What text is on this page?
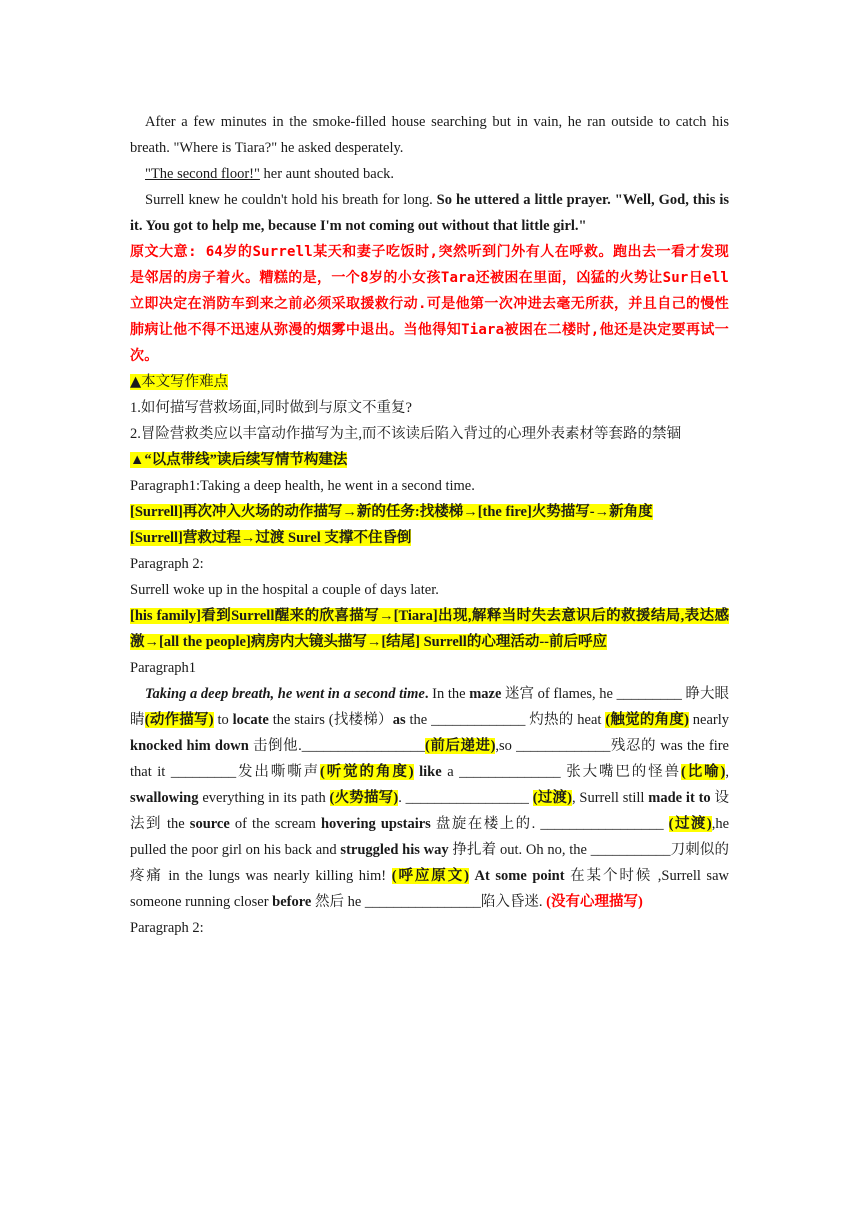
After a few minutes in the smoke-filled house searching but in vain, he ran outside to catch his breath. "Where is Tiara?" he asked desperately.

"The second floor!" her aunt shouted back.

Surrell knew he couldn't hold his breath for long. So he uttered a little prayer. "Well, God, this is it. You got to help me, because I'm not coming out without that little girl."

原文大意: 64岁的Surrell某天和妻子吃饭时,突然听到门外有人在呼救。跑出去一看才发现是邻居的房子着火。糟糕的是，一个8岁的小女孩Tara还被困在里面，凶猛的火势让Sur日ell立即决定在消防车到来之前必须采取援救行动.可是他第一次冲进去毫无所获，并且自己的慢性肺病让他不得不迅速从弥漫的烟雾中退出。当他得知Tiara被困在二楼时,他还是决定要再试一次。

▲本文写作难点

1.如何描写营救场面,同时做到与原文不重复?

2.冒险营救类应以丰富动作描写为主,而不该读后陷入背过的心理外表素材等套路的禁锢

▲“以点带线”读后续写情节构建法

Paragraph1:Taking a deep health, he went in a second time.

[Surrell]再次冲入火场的动作描写→新的任务:找楼梯→[the fire]火势描写-→新角度

[Surrell]营救过程→过渡 Surel 支撑不住昏倒

Paragraph 2:

Surrell woke up in the hospital a couple of days later.

[his family]看到Surrell醒来的欣喜描写→[Tiara]出现,解释当时失去意识后的救援结局,表达感激→[all the people]病房内大镜头描写→[结尾] Surrell的心理活动--前后呼应

Paragraph1

Taking a deep breath, he went in a second time. In the maze 迷宫 of flames, he _________ 睁大眼睛(动作描写) to locate the stairs (找楼梯）as the _____________ 灼热的 heat (触觉的角度) nearly knocked him down 击倒他._________________(前后递进),so _____________残忍的 was the fire that it _________发出嘶嘶声(听觉的角度) like a ______________ 张大嘴巴的怪兽(比喻), swallowing everything in its path (火势描写). _________________ (过渡), Surrell still made it to 设法到 the source of the scream hovering upstairs 盘旋在楼上的. _________________ (过渡),he pulled the poor girl on his back and struggled his way 挣扎着 out. Oh no, the ___________刀刺似的疼痛 in the lungs was nearly killing him! (呼应原文) At some point 在某个时候 ,Surrell saw someone running closer before 然后 he ________________陷入昏迷. (没有心理描写)

Paragraph 2:
